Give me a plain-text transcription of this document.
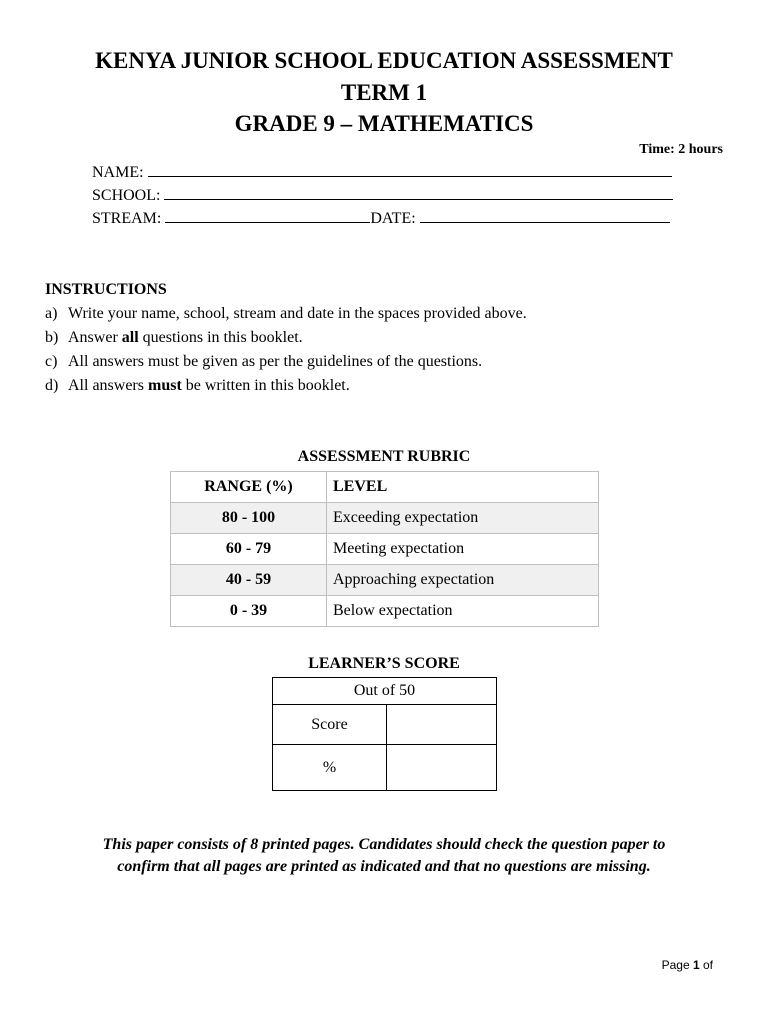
KENYA JUNIOR SCHOOL EDUCATION ASSESSMENT
TERM 1
GRADE 9 – MATHEMATICS
Time: 2 hours
NAME:
SCHOOL:
STREAM:	DATE:
INSTRUCTIONS
a) Write your name, school, stream and date in the spaces provided above.
b) Answer all questions in this booklet.
c) All answers must be given as per the guidelines of the questions.
d) All answers must be written in this booklet.
ASSESSMENT RUBRIC
RANGE (%)	LEVEL
80 - 100	Exceeding expectation
60 - 79	Meeting expectation
40 - 59	Approaching expectation
0 - 39	Below expectation
LEARNER’S SCORE
Out of 50	
Score	
%	
This paper consists of 8 printed pages. Candidates should check the question paper to
confirm that all pages are printed as indicated and that no questions are missing.
Page 1 of
